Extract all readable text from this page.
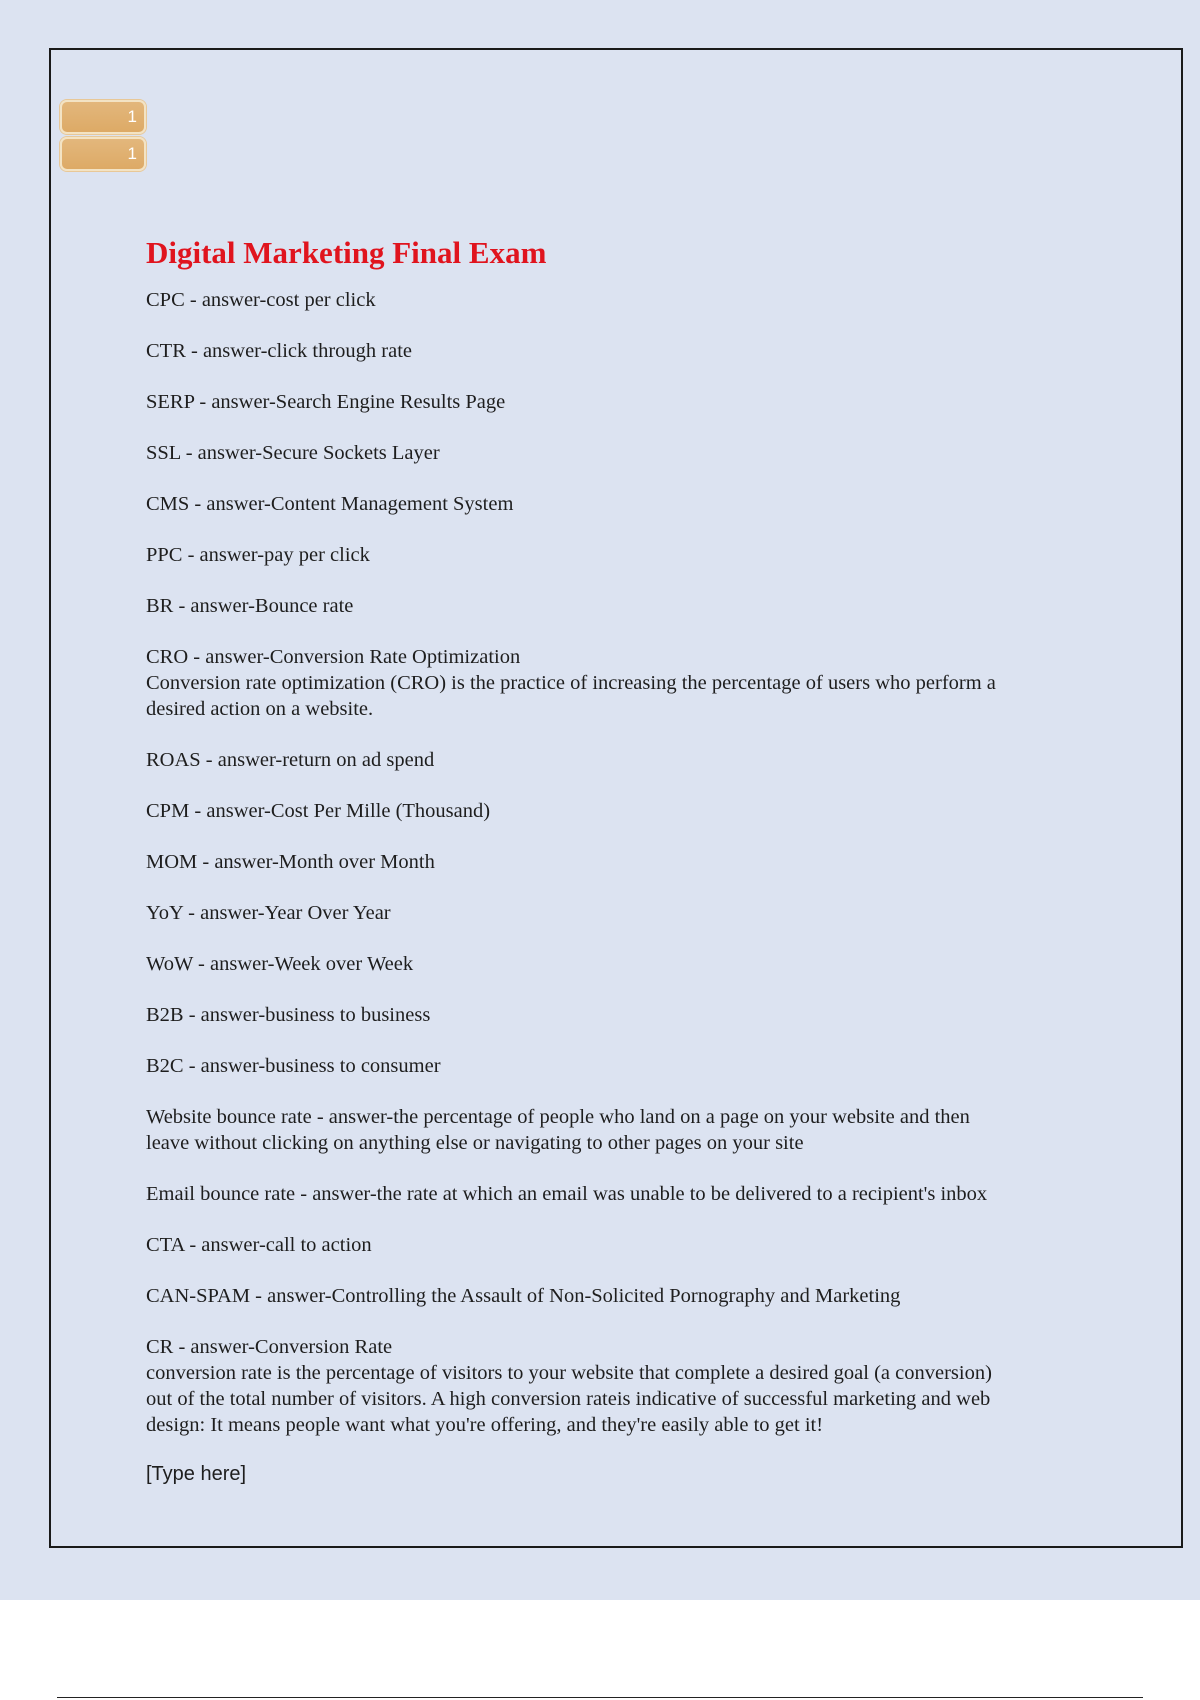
1
1
Digital Marketing Final Exam
CPC - answer-cost per click
CTR - answer-click through rate
SERP - answer-Search Engine Results Page
SSL - answer-Secure Sockets Layer
CMS - answer-Content Management System
PPC - answer-pay per click
BR - answer-Bounce rate
CRO - answer-Conversion Rate Optimization
Conversion rate optimization (CRO) is the practice of increasing the percentage of users who perform a
desired action on a website.
ROAS - answer-return on ad spend
CPM - answer-Cost Per Mille (Thousand)
MOM - answer-Month over Month
YoY - answer-Year Over Year
WoW - answer-Week over Week
B2B - answer-business to business
B2C - answer-business to consumer
Website bounce rate - answer-the percentage of people who land on a page on your website and then
leave without clicking on anything else or navigating to other pages on your site
Email bounce rate - answer-the rate at which an email was unable to be delivered to a recipient's inbox
CTA - answer-call to action
CAN-SPAM - answer-Controlling the Assault of Non-Solicited Pornography and Marketing
CR - answer-Conversion Rate
conversion rate is the percentage of visitors to your website that complete a desired goal (a conversion)
out of the total number of visitors. A high conversion rateis indicative of successful marketing and web
design: It means people want what you're offering, and they're easily able to get it!
[Type here]
